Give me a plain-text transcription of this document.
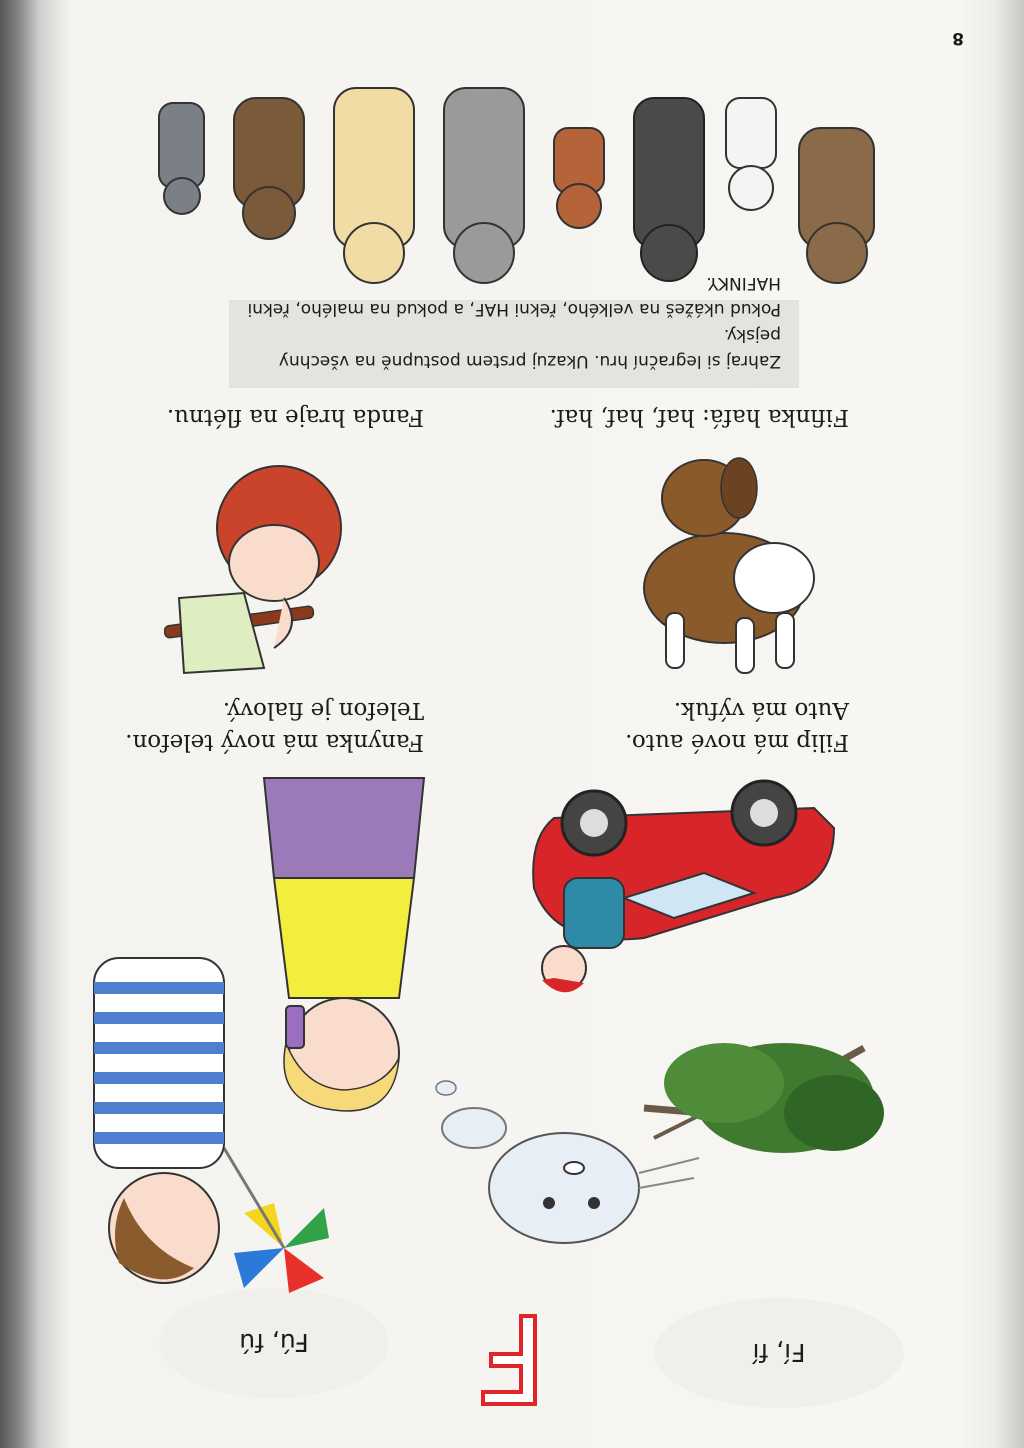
8
Fí, fí
Fú, fú
Filip má nové auto.
Auto má výfuk.
Fanynka má nový telefon.
Telefon je fialový.
Fifinka hafá: haf, haf, haf.
Fanda hraje na flétnu.
Zahraj si legrační hru. Ukazuj prstem postupně na všechny pejsky.
Pokud ukážeš na velkého, řekni HAF, a pokud na malého, řekni HAFINKY.
